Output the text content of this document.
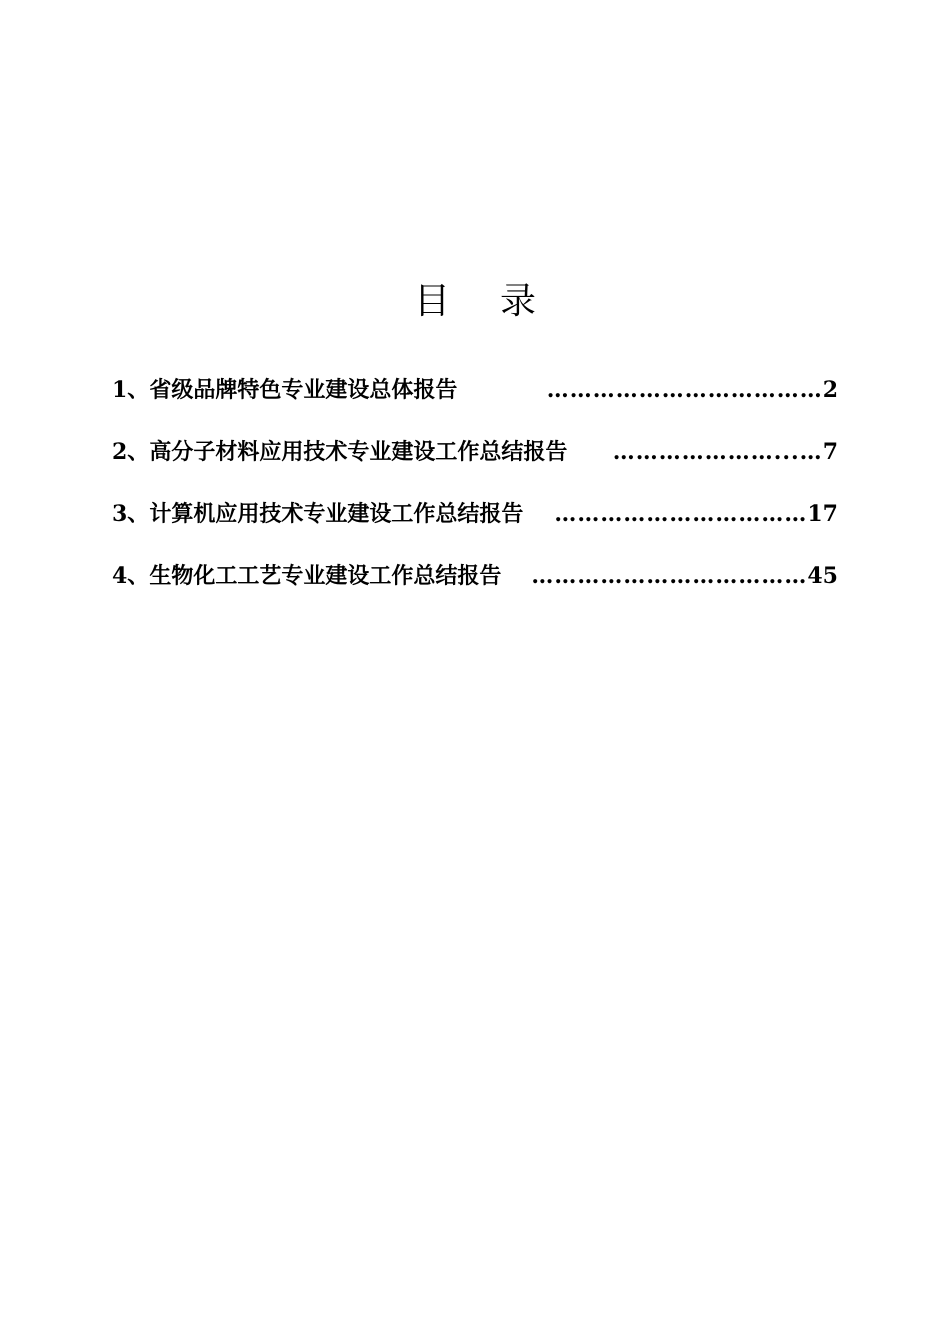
目 录
1、 省级品牌特色专业建设总体报告	……………………………… 2
2、 高分子材料应用技术专业建设工作总结报告	…………………...… 7
3、 计算机应用技术专业建设工作总结报告	…………………………… 17
4、 生物化工工艺专业建设工作总结报告	……………………………… 45
